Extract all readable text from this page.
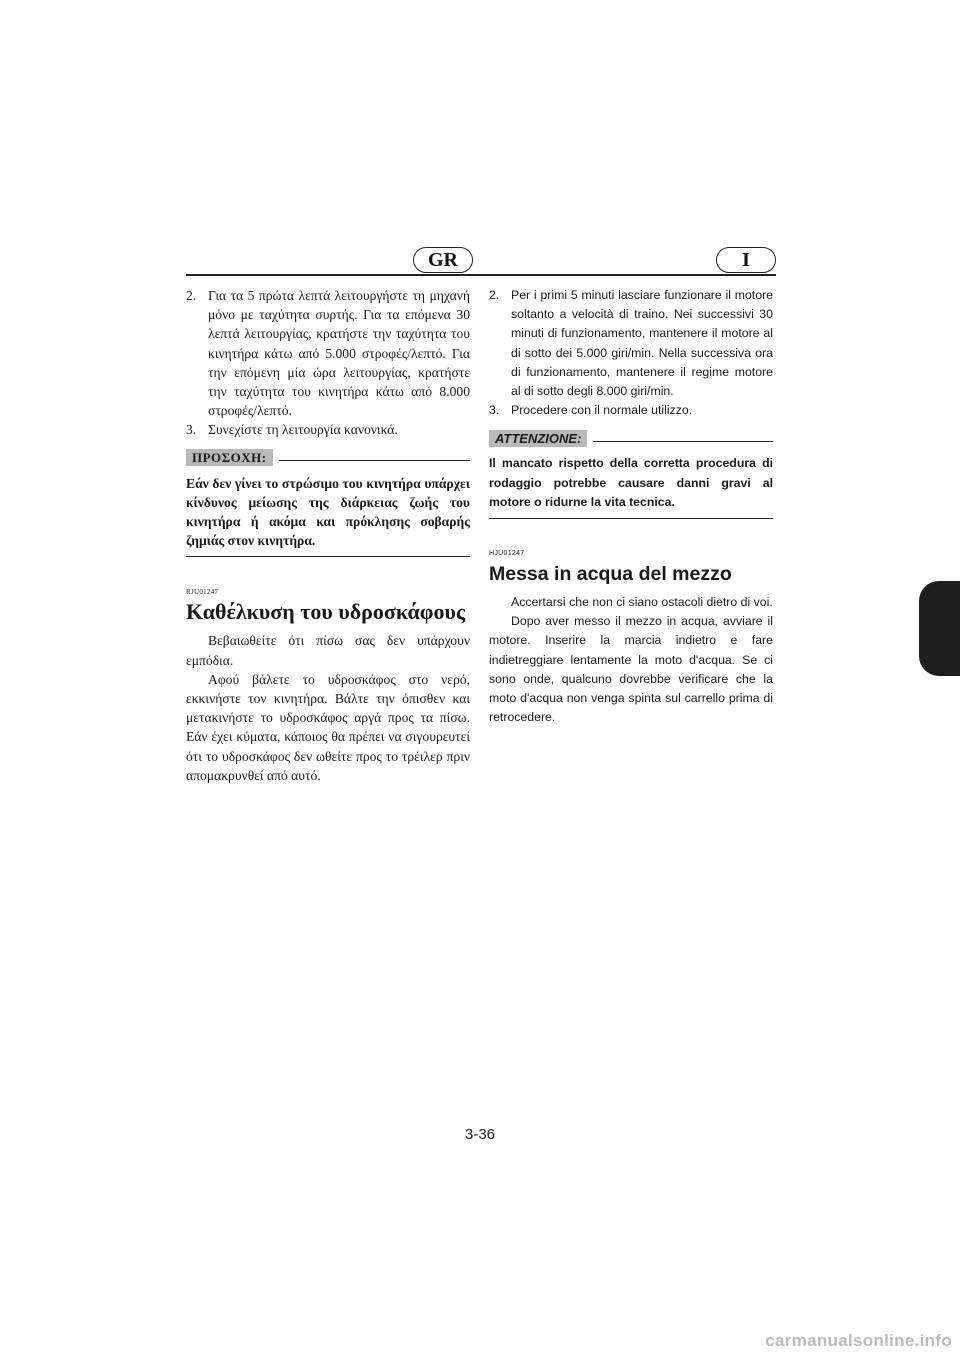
GR	I
2. Για τα 5 πρώτα λεπτά λειτουργήστε τη μηχανή μόνο με ταχύτητα συρτής. Για τα επόμενα 30 λεπτά λειτουργίας, κρατήστε την ταχύτητα του κινητήρα κάτω από 5.000 στροφές/λεπτό. Για την επόμενη μία ώρα λειτουργίας, κρατήστε την ταχύτητα του κινητήρα κάτω από 8.000 στροφές/λεπτό.

3. Συνεχίστε τη λειτουργία κανονικά.

ΠΡΟΣΟΧΗ:
Εάν δεν γίνει το στρώσιμο του κινητήρα υπάρχει κίνδυνος μείωσης της διάρκειας ζωής του κινητήρα ή ακόμα και πρόκλησης σοβαρής ζημιάς στον κινητήρα.
RJU01247
Καθέλκυση του υδροσκάφους

Βεβαιωθείτε ότι πίσω σας δεν υπάρχουν εμπόδια.

Αφού βάλετε το υδροσκάφος στο νερό, εκκινήστε τον κινητήρα. Βάλτε την όπισθεν και μετακινήστε το υδροσκάφος αργά προς τα πίσω. Εάν έχει κύματα, κάποιος θα πρέπει να σιγουρευτεί ότι το υδροσκάφος δεν ωθείτε προς το τρέιλερ πριν απομακρυνθεί από αυτό.

2. Per i primi 5 minuti lasciare funzionare il motore soltanto a velocità di traino. Nei successivi 30 minuti di funzionamento, mantenere il motore al di sotto dei 5.000 giri/min. Nella successiva ora di funzionamento, mantenere il regime motore al di sotto degli 8.000 giri/min.

3. Procedere con il normale utilizzo.

ATTENZIONE:
Il mancato rispetto della corretta procedura di rodaggio potrebbe causare danni gravi al motore o ridurne la vita tecnica.
HJU01247
Messa in acqua del mezzo

Accertarsi che non ci siano ostacoli dietro di voi.

Dopo aver messo il mezzo in acqua, avviare il motore. Inserire la marcia indietro e fare indietreggiare lentamente la moto d'acqua. Se ci sono onde, qualcuno dovrebbe verificare che la moto d'acqua non venga spinta sul carrello prima di retrocedere.

3-36
carmanualsonline.info
